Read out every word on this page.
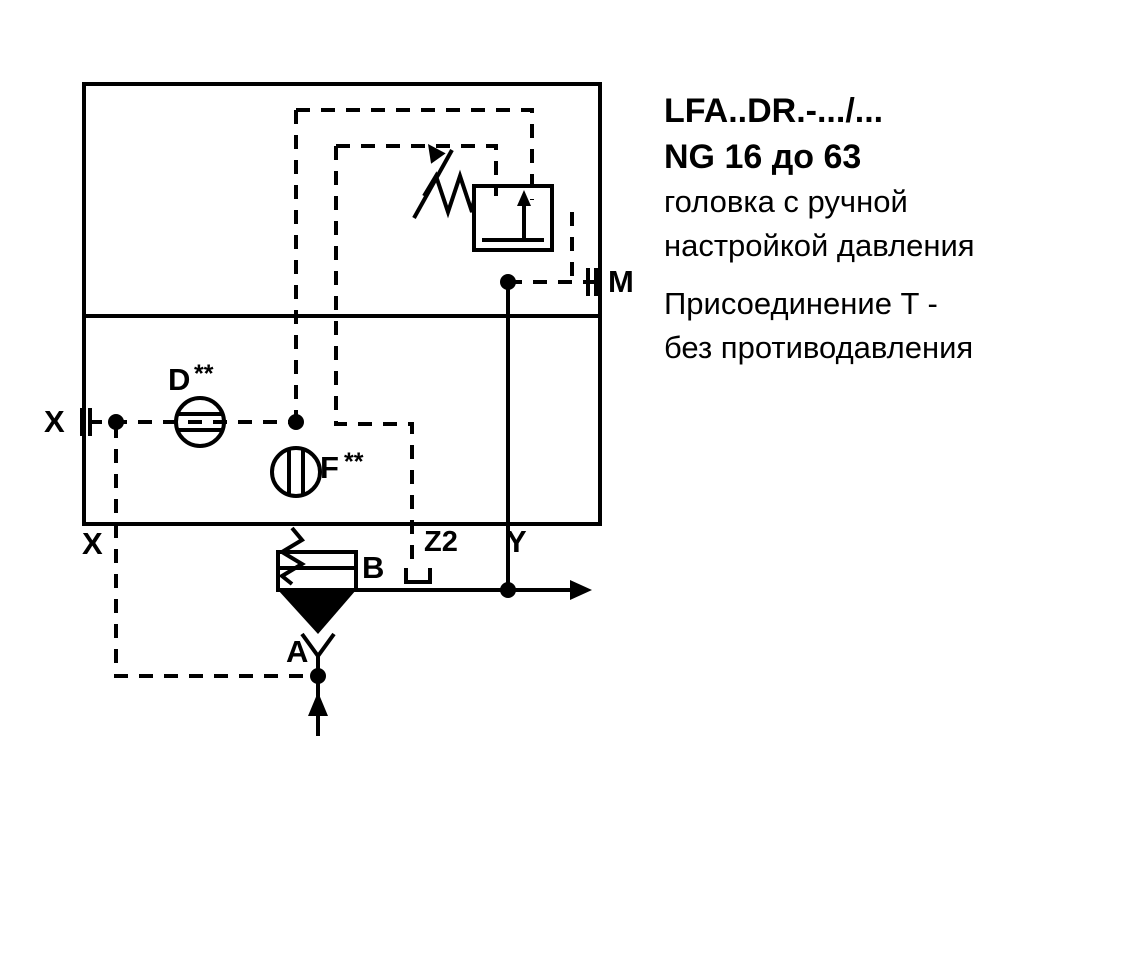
X
X
M
Y
Z2
A
B
D **
F **
LFA..DR.-.../...
NG 16 до 63
головка с ручной
настройкой давления
Присоединение T -
без противодавления
